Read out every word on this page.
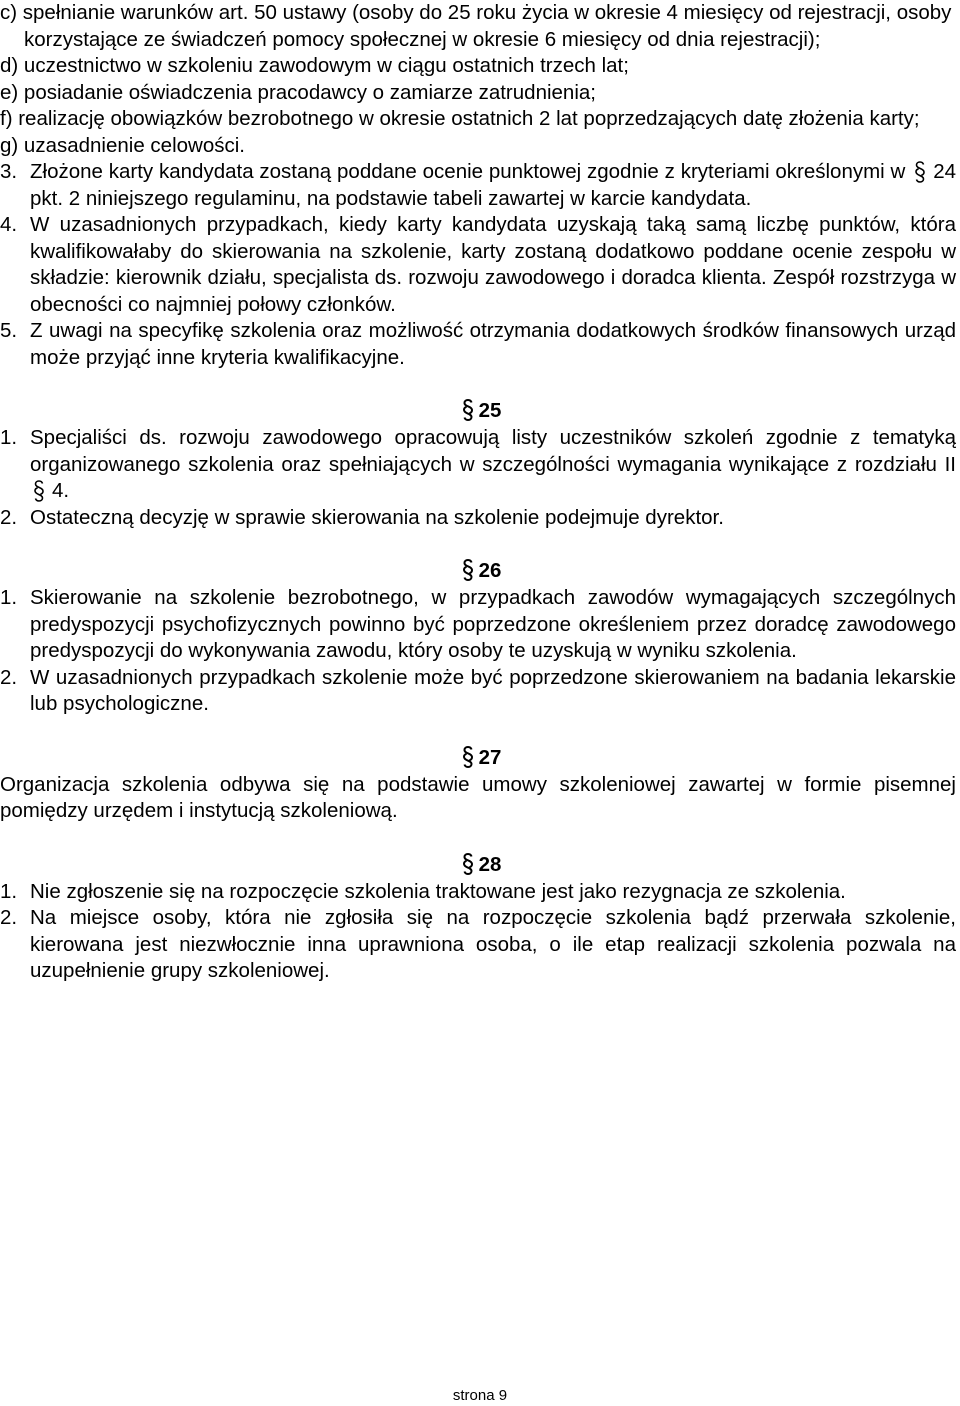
c) spełnianie warunków art. 50 ustawy (osoby do 25 roku życia w okresie 4 miesięcy od rejestracji, osoby korzystające ze świadczeń pomocy społecznej w okresie 6 miesięcy od dnia rejestracji);

d) uczestnictwo w szkoleniu zawodowym w ciągu ostatnich trzech lat;

e) posiadanie oświadczenia pracodawcy o zamiarze zatrudnienia;

f) realizację obowiązków bezrobotnego w okresie ostatnich 2 lat poprzedzających datę złożenia karty;

g) uzasadnienie celowości.

3. Złożone karty kandydata zostaną poddane ocenie punktowej zgodnie z kryteriami określonymi w 24 pkt. 2 niniejszego regulaminu, na podstawie tabeli zawartej w karcie kandydata.

4. W uzasadnionych przypadkach, kiedy karty kandydata uzyskają taką samą liczbę punktów, która kwalifikowałaby do skierowania na szkolenie, karty zostaną dodatkowo poddane ocenie zespołu w składzie: kierownik działu, specjalista ds. rozwoju zawodowego i doradca klienta. Zespół rozstrzyga w obecności co najmniej połowy członków.

5. Z uwagi na specyfikę szkolenia oraz możliwość otrzymania dodatkowych środków finansowych urząd może przyjąć inne kryteria kwalifikacyjne.

25

1. Specjaliści ds. rozwoju zawodowego opracowują listy uczestników szkoleń zgodnie z tematyką organizowanego szkolenia oraz spełniających w szczególności wymagania wynikające z rozdziału II 4.

2. Ostateczną decyzję w sprawie skierowania na szkolenie podejmuje dyrektor.

26

1. Skierowanie na szkolenie bezrobotnego, w przypadkach zawodów wymagających szczególnych predyspozycji psychofizycznych powinno być poprzedzone określeniem przez doradcę zawodowego predyspozycji do wykonywania zawodu, który osoby te uzyskują w wyniku szkolenia.

2. W uzasadnionych przypadkach szkolenie może być poprzedzone skierowaniem na badania lekarskie lub psychologiczne.

27

Organizacja szkolenia odbywa się na podstawie umowy szkoleniowej zawartej w formie pisemnej pomiędzy urzędem i instytucją szkoleniową.

28

1. Nie zgłoszenie się na rozpoczęcie szkolenia traktowane jest jako rezygnacja ze szkolenia.

2. Na miejsce osoby, która nie zgłosiła się na rozpoczęcie szkolenia bądź przerwała szkolenie, kierowana jest niezwłocznie inna uprawniona osoba, o ile etap realizacji szkolenia pozwala na uzupełnienie grupy szkoleniowej.

strona 9
